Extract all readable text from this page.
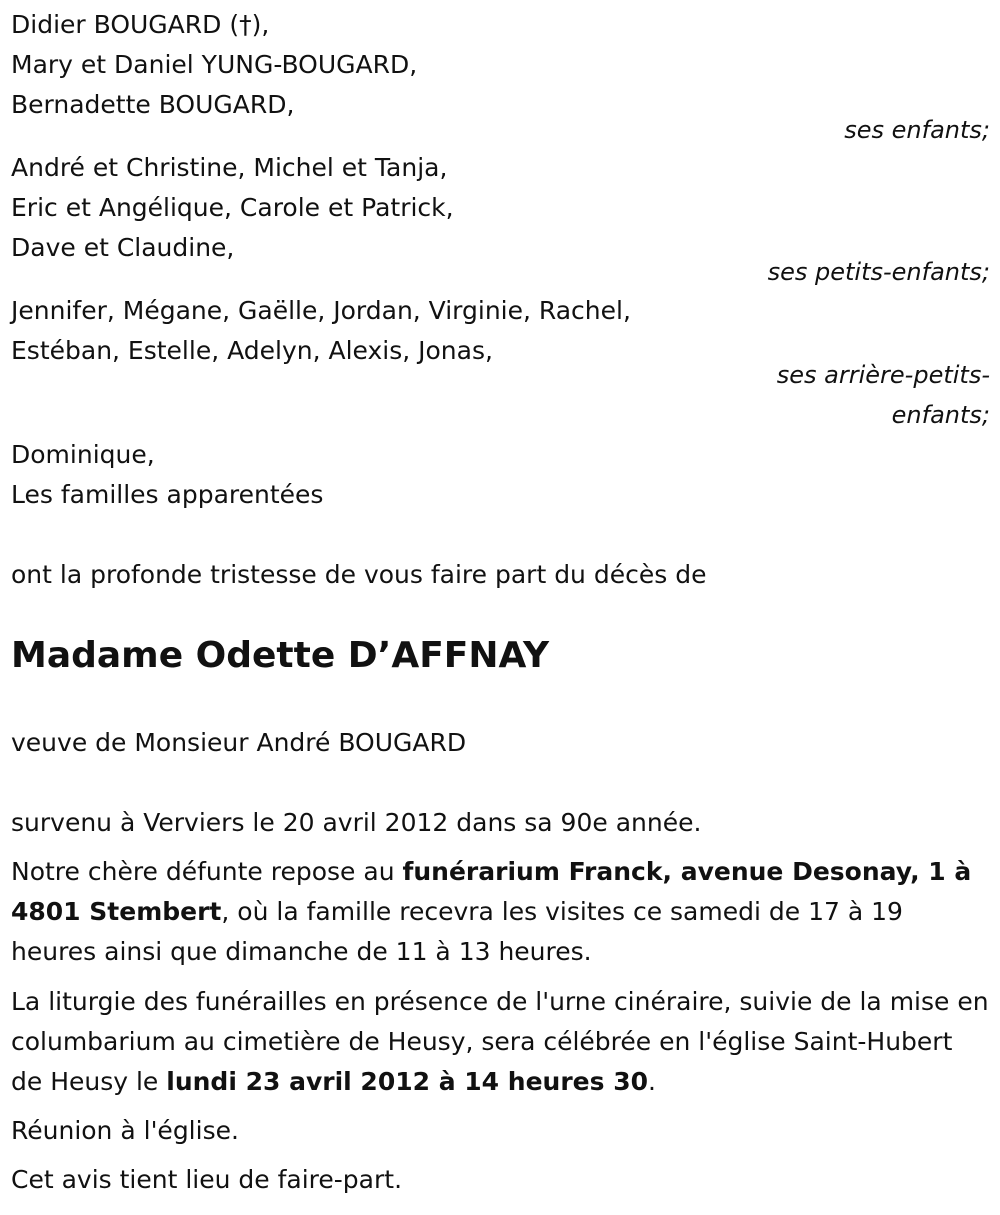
Didier BOUGARD (†),
Mary et Daniel YUNG-BOUGARD,
Bernadette BOUGARD,
ses enfants;
André et Christine, Michel et Tanja,
Eric et Angélique, Carole et Patrick,
Dave et Claudine,
ses petits-enfants;
Jennifer, Mégane, Gaëlle, Jordan, Virginie, Rachel,
Estéban, Estelle, Adelyn, Alexis, Jonas,
ses arrière-petits-
enfants;
Dominique,
Les familles apparentées
ont la profonde tristesse de vous faire part du décès de
Madame Odette D’AFFNAY
veuve de Monsieur André BOUGARD
survenu à Verviers le 20 avril 2012 dans sa 90e année.
Notre chère défunte repose au funérarium Franck, avenue Desonay, 1 à 4801 Stembert, où la famille recevra les visites ce samedi de 17 à 19 heures ainsi que dimanche de 11 à 13 heures.
La liturgie des funérailles en présence de l'urne cinéraire, suivie de la mise en columbarium au cimetière de Heusy, sera célébrée en l'église Saint-Hubert de Heusy le lundi 23 avril 2012 à 14 heures 30.
Réunion à l'église.
Cet avis tient lieu de faire-part.
